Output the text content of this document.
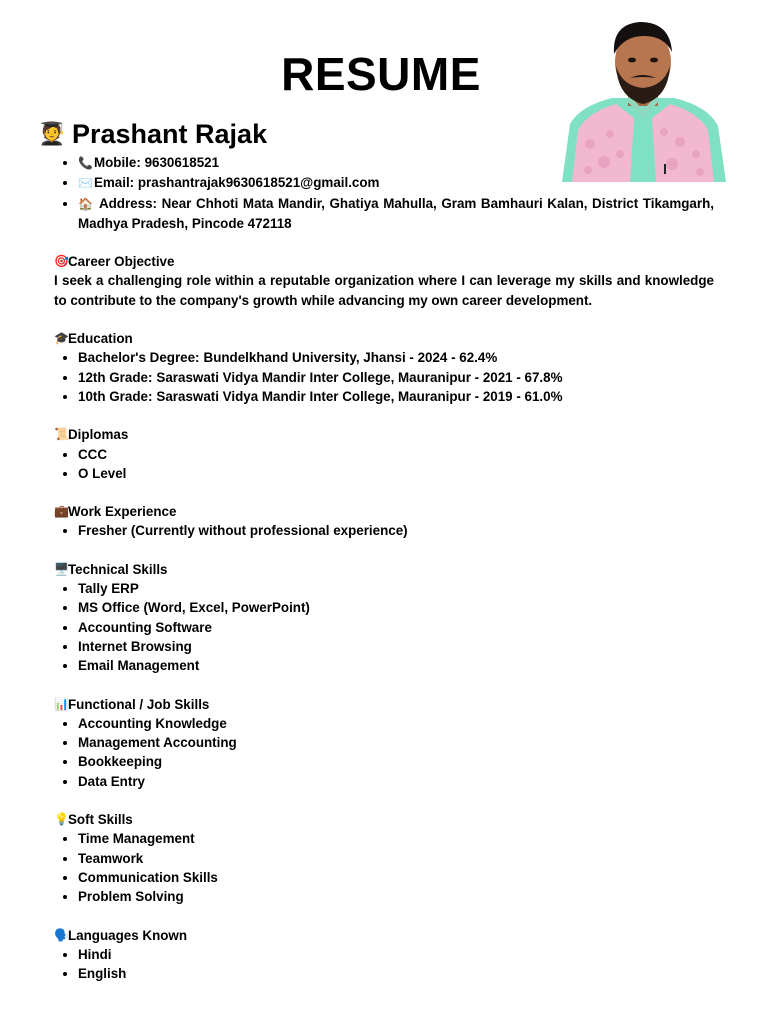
RESUME
🧑‍🎓 Prashant Rajak
• 📞Mobile: 9630618521
• ✉️Email: prashantrajak9630618521@gmail.com
• 🏠 Address: Near Chhoti Mata Mandir, Ghatiya Mahulla, Gram Bamhauri Kalan, District Tikamgarh, Madhya Pradesh, Pincode 472118
🎯 Career Objective

I seek a challenging role within a reputable organization where I can leverage my skills and knowledge to contribute to the company's growth while advancing my own career development.

🎓 Education
• Bachelor's Degree: Bundelkhand University, Jhansi - 2024 - 62.4%
• 12th Grade: Saraswati Vidya Mandir Inter College, Mauranipur - 2021 - 67.8%
• 10th Grade: Saraswati Vidya Mandir Inter College, Mauranipur - 2019 - 61.0%
📜 Diplomas
• CCC
• O Level
💼 Work Experience
• Fresher (Currently without professional experience)
🖥️ Technical Skills
• Tally ERP
• MS Office (Word, Excel, PowerPoint)
• Accounting Software
• Internet Browsing
• Email Management
📊 Functional / Job Skills
• Accounting Knowledge
• Management Accounting
• Bookkeeping
• Data Entry
💡 Soft Skills
• Time Management
• Teamwork
• Communication Skills
• Problem Solving
🗣️ Languages Known
• Hindi
• English
